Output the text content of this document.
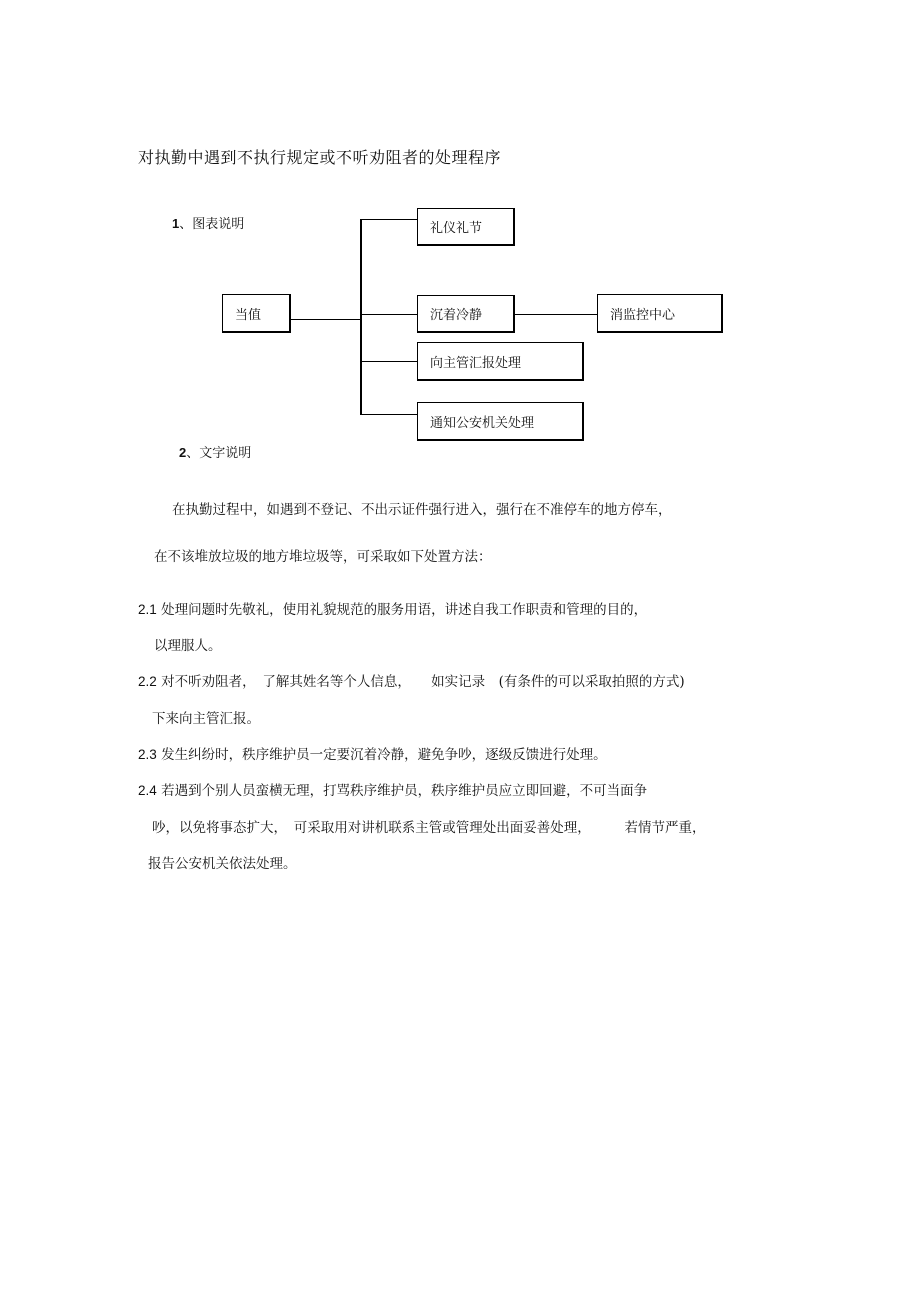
对执勤中遇到不执行规定或不听劝阻者的处理程序
1、图表说明
当值
礼仪礼节
沉着冷静
向主管汇报处理
通知公安机关处理
消监控中心
2、文字说明
在执勤过程中，如遇到不登记、不出示证件强行进入，强行在不准停车的地方停车，
在不该堆放垃圾的地方堆垃圾等，可采取如下处置方法：
2.1 处理问题时先敬礼，使用礼貌规范的服务用语，讲述自我工作职责和管理的目的，
以理服人。
2.2 对不听劝阻者，　了解其姓名等个人信息，　　如实记录　(有条件的可以采取拍照的方式)
下来向主管汇报。
2.3 发生纠纷时，秩序维护员一定要沉着冷静，避免争吵，逐级反馈进行处理。
2.4 若遇到个别人员蛮横无理，打骂秩序维护员，秩序维护员应立即回避，不可当面争
吵，以免将事态扩大，　可采取用对讲机联系主管或管理处出面妥善处理，　　　若情节严重，
报告公安机关依法处理。
